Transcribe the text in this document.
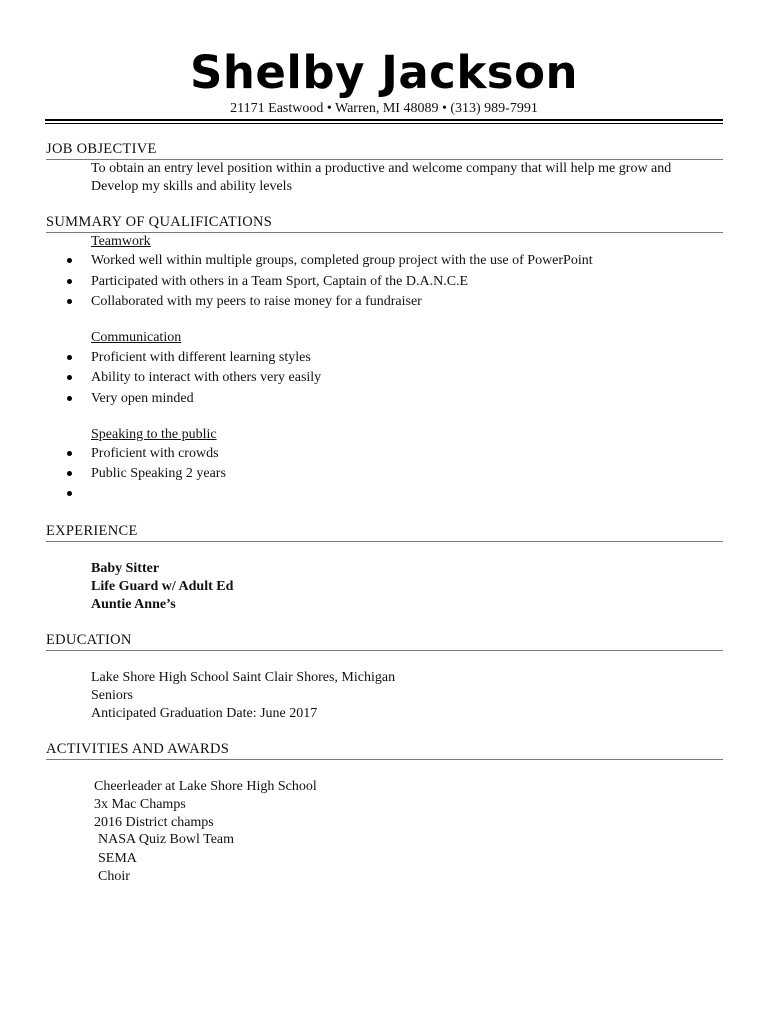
Shelby Jackson
21171 Eastwood • Warren, MI 48089 • (313) 989-7991
JOB OBJECTIVE
To obtain an entry level position within a productive and welcome company that will help me grow and
Develop my skills and ability levels
SUMMARY OF QUALIFICATIONS
Teamwork
Worked well within multiple groups, completed group project with the use of PowerPoint
Participated with others in a Team Sport, Captain of the D.A.N.C.E
Collaborated with my peers to raise money for a fundraiser
Communication
Proficient with different learning styles
Ability to interact with others very easily
Very open minded
Speaking to the public
Proficient with crowds
Public Speaking 2 years
EXPERIENCE
Baby Sitter
Life Guard w/ Adult Ed
Auntie Anne’s
EDUCATION
Lake Shore High School Saint Clair Shores, Michigan
Seniors
Anticipated Graduation Date: June 2017
ACTIVITIES AND AWARDS
Cheerleader at Lake Shore High School
3x Mac Champs
2016 District champs
NASA Quiz Bowl Team
SEMA
Choir
